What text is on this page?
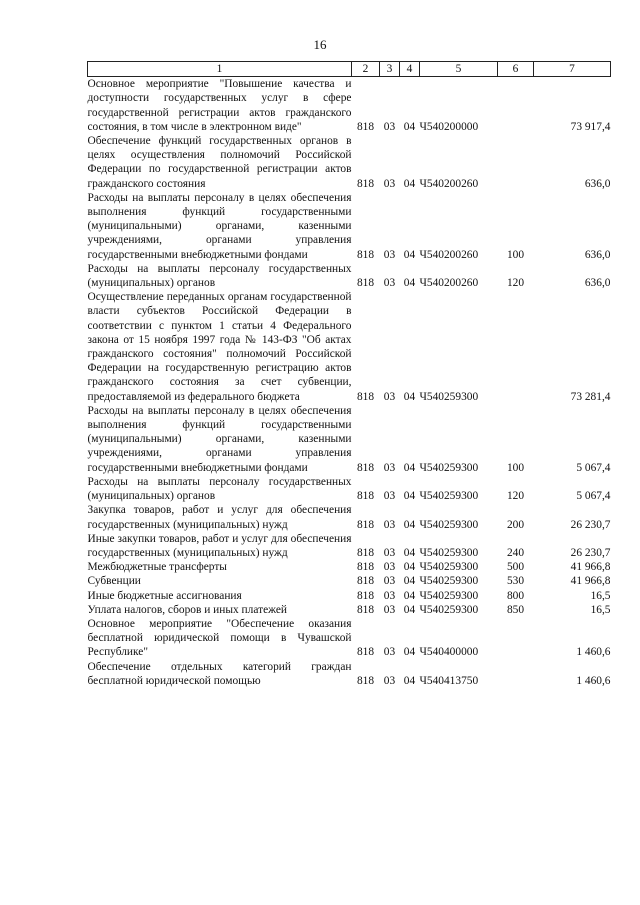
16
1	2	3	4	5	6	7
Основное мероприятие "Повышение качества и доступности государственных услуг в сфере государственной регистрации актов гражданского состояния, в том числе в электронном виде"	818	03	04	Ч540200000		73 917,4
Обеспечение функций государственных органов в целях осуществления полномочий Российской Федерации по государственной регистрации актов гражданского состояния	818	03	04	Ч540200260		636,0
Расходы на выплаты персоналу в целях обеспечения выполнения функций государственными (муниципальными) органами, казенными учреждениями, органами управления государственными внебюджетными фондами	818	03	04	Ч540200260	100	636,0
Расходы на выплаты персоналу государственных (муниципальных) органов	818	03	04	Ч540200260	120	636,0
Осуществление переданных органам государственной власти субъектов Российской Федерации в соответствии с пунктом 1 статьи 4 Федерального закона от 15 ноября 1997 года № 143-ФЗ "Об актах гражданского состояния" полномочий Российской Федерации на государственную регистрацию актов гражданского состояния за счет субвенции, предоставляемой из федерального бюджета	818	03	04	Ч540259300		73 281,4
Расходы на выплаты персоналу в целях обеспечения выполнения функций государственными (муниципальными) органами, казенными учреждениями, органами управления государственными внебюджетными фондами	818	03	04	Ч540259300	100	5 067,4
Расходы на выплаты персоналу государственных (муниципальных) органов	818	03	04	Ч540259300	120	5 067,4
Закупка товаров, работ и услуг для обеспечения государственных (муниципальных) нужд	818	03	04	Ч540259300	200	26 230,7
Иные закупки товаров, работ и услуг для обеспечения государственных (муниципальных) нужд	818	03	04	Ч540259300	240	26 230,7
Межбюджетные трансферты	818	03	04	Ч540259300	500	41 966,8
Субвенции	818	03	04	Ч540259300	530	41 966,8
Иные бюджетные ассигнования	818	03	04	Ч540259300	800	16,5
Уплата налогов, сборов и иных платежей	818	03	04	Ч540259300	850	16,5
Основное мероприятие "Обеспечение оказания бесплатной юридической помощи в Чувашской Республике"	818	03	04	Ч540400000		1 460,6
Обеспечение отдельных категорий граждан бесплатной юридической помощью	818	03	04	Ч540413750		1 460,6
